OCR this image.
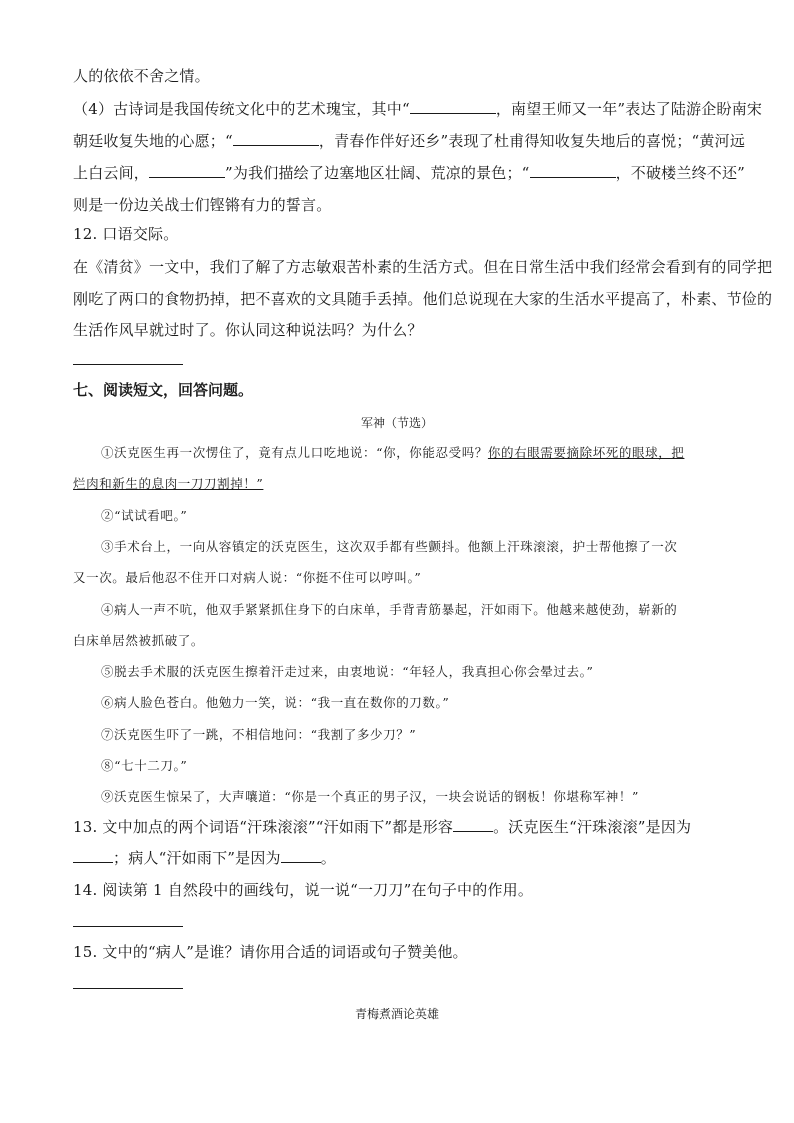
人的依依不舍之情。
（4）古诗词是我国传统文化中的艺术瑰宝，其中“	，南望王师又一年”表达了陆游企盼南宋
朝廷收复失地的心愿；“	，青春作伴好还乡”表现了杜甫得知收复失地后的喜悦；“黄河远
上白云间，	”为我们描绘了边塞地区壮阔、荒凉的景色；“	，不破楼兰终不还”
则是一份边关战士们铿锵有力的誓言。
12. 口语交际。
在《清贫》一文中，我们了解了方志敏艰苦朴素的生活方式。但在日常生活中我们经常会看到有的同学把
刚吃了两口的食物扔掉，把不喜欢的文具随手丢掉。他们总说现在大家的生活水平提高了，朴素、节俭的
生活作风早就过时了。你认同这种说法吗？为什么？
七、阅读短文，回答问题。
军神（节选）
①沃克医生再一次愣住了，竟有点儿口吃地说：“你，你能忍受吗？你的右眼需要摘除坏死的眼球，把
烂肉和新生的息肉一刀刀割掉！”
②“试试看吧。”
③手术台上，一向从容镇定的沃克医生，这次双手都有些颤抖。他额上汗珠滚滚，护士帮他擦了一次
又一次。最后他忍不住开口对病人说：“你挺不住可以哼叫。”
④病人一声不吭，他双手紧紧抓住身下的白床单，手背青筋暴起，汗如雨下。他越来越使劲，崭新的
白床单居然被抓破了。
⑤脱去手术服的沃克医生擦着汗走过来，由衷地说：“年轻人，我真担心你会晕过去。”
⑥病人脸色苍白。他勉力一笑，说：“我一直在数你的刀数。”
⑦沃克医生吓了一跳，不相信地问：“我割了多少刀？”
⑧“七十二刀。”
⑨沃克医生惊呆了，大声嚷道：“你是一个真正的男子汉，一块会说话的钢板！你堪称军神！”
13. 文中加点的两个词语“汗珠滚滚”“汗如雨下”都是形容	。沃克医生“汗珠滚滚”是因为
；病人“汗如雨下”是因为	。
14. 阅读第 1 自然段中的画线句，说一说“一刀刀”在句子中的作用。
15. 文中的“病人”是谁？请你用合适的词语或句子赞美他。
青梅煮酒论英雄
